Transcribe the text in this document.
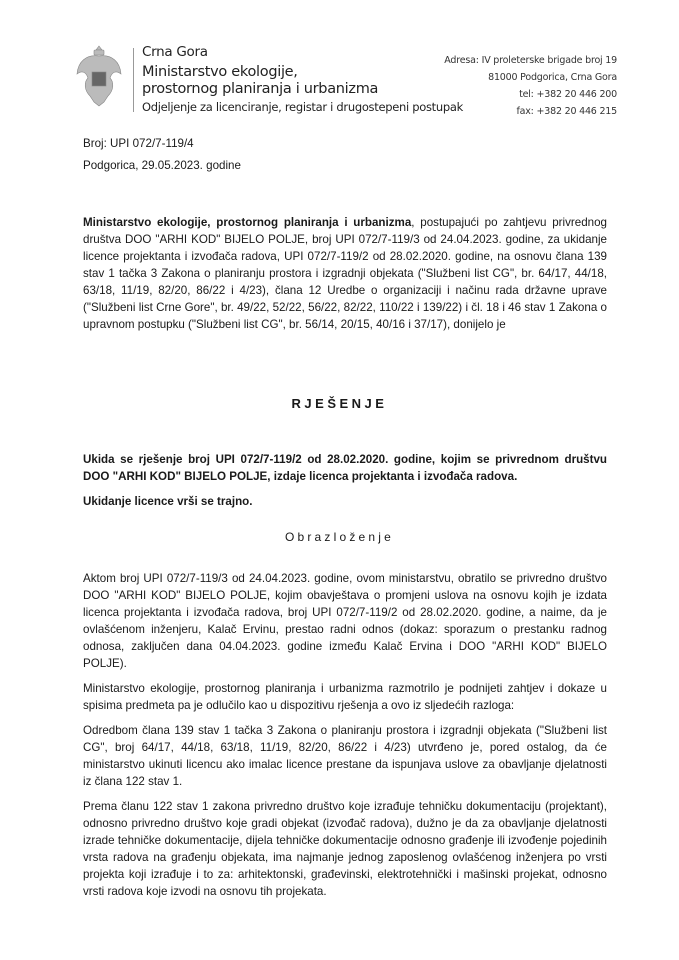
Crna Gora
Ministarstvo ekologije,
prostornog planiranja i urbanizma
Odjeljenje za licenciranje, registar i drugostepeni postupak
Adresa: IV proleterske brigade broj 19
81000 Podgorica, Crna Gora
tel: +382 20 446 200
fax: +382 20 446 215
Broj: UPI 072/7-119/4
Podgorica, 29.05.2023. godine
Ministarstvo ekologije, prostornog planiranja i urbanizma, postupajući po zahtjevu privrednog društva DOO "ARHI KOD" BIJELO POLJE, broj UPI 072/7-119/3 od 24.04.2023. godine, za ukidanje licence projektanta i izvođača radova, UPI 072/7-119/2 od 28.02.2020. godine, na osnovu člana 139 stav 1 tačka 3 Zakona o planiranju prostora i izgradnji objekata ("Službeni list CG", br. 64/17, 44/18, 63/18, 11/19, 82/20, 86/22 i 4/23), člana 12 Uredbe o organizaciji i načinu rada državne uprave ("Službeni list Crne Gore", br. 49/22, 52/22, 56/22, 82/22, 110/22 i 139/22) i čl. 18 i 46 stav 1 Zakona o upravnom postupku ("Službeni list CG", br. 56/14, 20/15, 40/16 i 37/17), donijelo je
RJEŠENJE

Ukida se rješenje broj UPI 072/7-119/2 od 28.02.2020. godine, kojim se privrednom društvu DOO "ARHI KOD" BIJELO POLJE, izdaje licenca projektanta i izvođača radova.

Ukidanje licence vrši se trajno.

Obrazloženje

Aktom broj UPI 072/7-119/3 od 24.04.2023. godine, ovom ministarstvu, obratilo se privredno društvo DOO "ARHI KOD" BIJELO POLJE, kojim obavještava o promjeni uslova na osnovu kojih je izdata licenca projektanta i izvođača radova, broj UPI 072/7-119/2 od 28.02.2020. godine, a naime, da je ovlašćenom inženjeru, Kalač Ervinu, prestao radni odnos (dokaz: sporazum o prestanku radnog odnosa, zaključen dana 04.04.2023. godine između Kalač Ervina i DOO "ARHI KOD" BIJELO POLJE).

Ministarstvo ekologije, prostornog planiranja i urbanizma razmotrilo je podnijeti zahtjev i dokaze u spisima predmeta pa je odlučilo kao u dispozitivu rješenja a ovo iz sljedećih razloga:

Odredbom člana 139 stav 1 tačka 3 Zakona o planiranju prostora i izgradnji objekata ("Službeni list CG", broj 64/17, 44/18, 63/18, 11/19, 82/20, 86/22 i 4/23) utvrđeno je, pored ostalog, da će ministarstvo ukinuti licencu ako imalac licence prestane da ispunjava uslove za obavljanje djelatnosti iz člana 122 stav 1.

Prema članu 122 stav 1 zakona privredno društvo koje izrađuje tehničku dokumentaciju (projektant), odnosno privredno društvo koje gradi objekat (izvođač radova), dužno je da za obavljanje djelatnosti izrade tehničke dokumentacije, dijela tehničke dokumentacije odnosno građenje ili izvođenje pojedinih vrsta radova na građenju objekata, ima najmanje jednog zaposlenog ovlašćenog inženjera po vrsti projekta koji izrađuje i to za: arhitektonski, građevinski, elektrotehnički i mašinski projekat, odnosno vrsti radova koje izvodi na osnovu tih projekata.
